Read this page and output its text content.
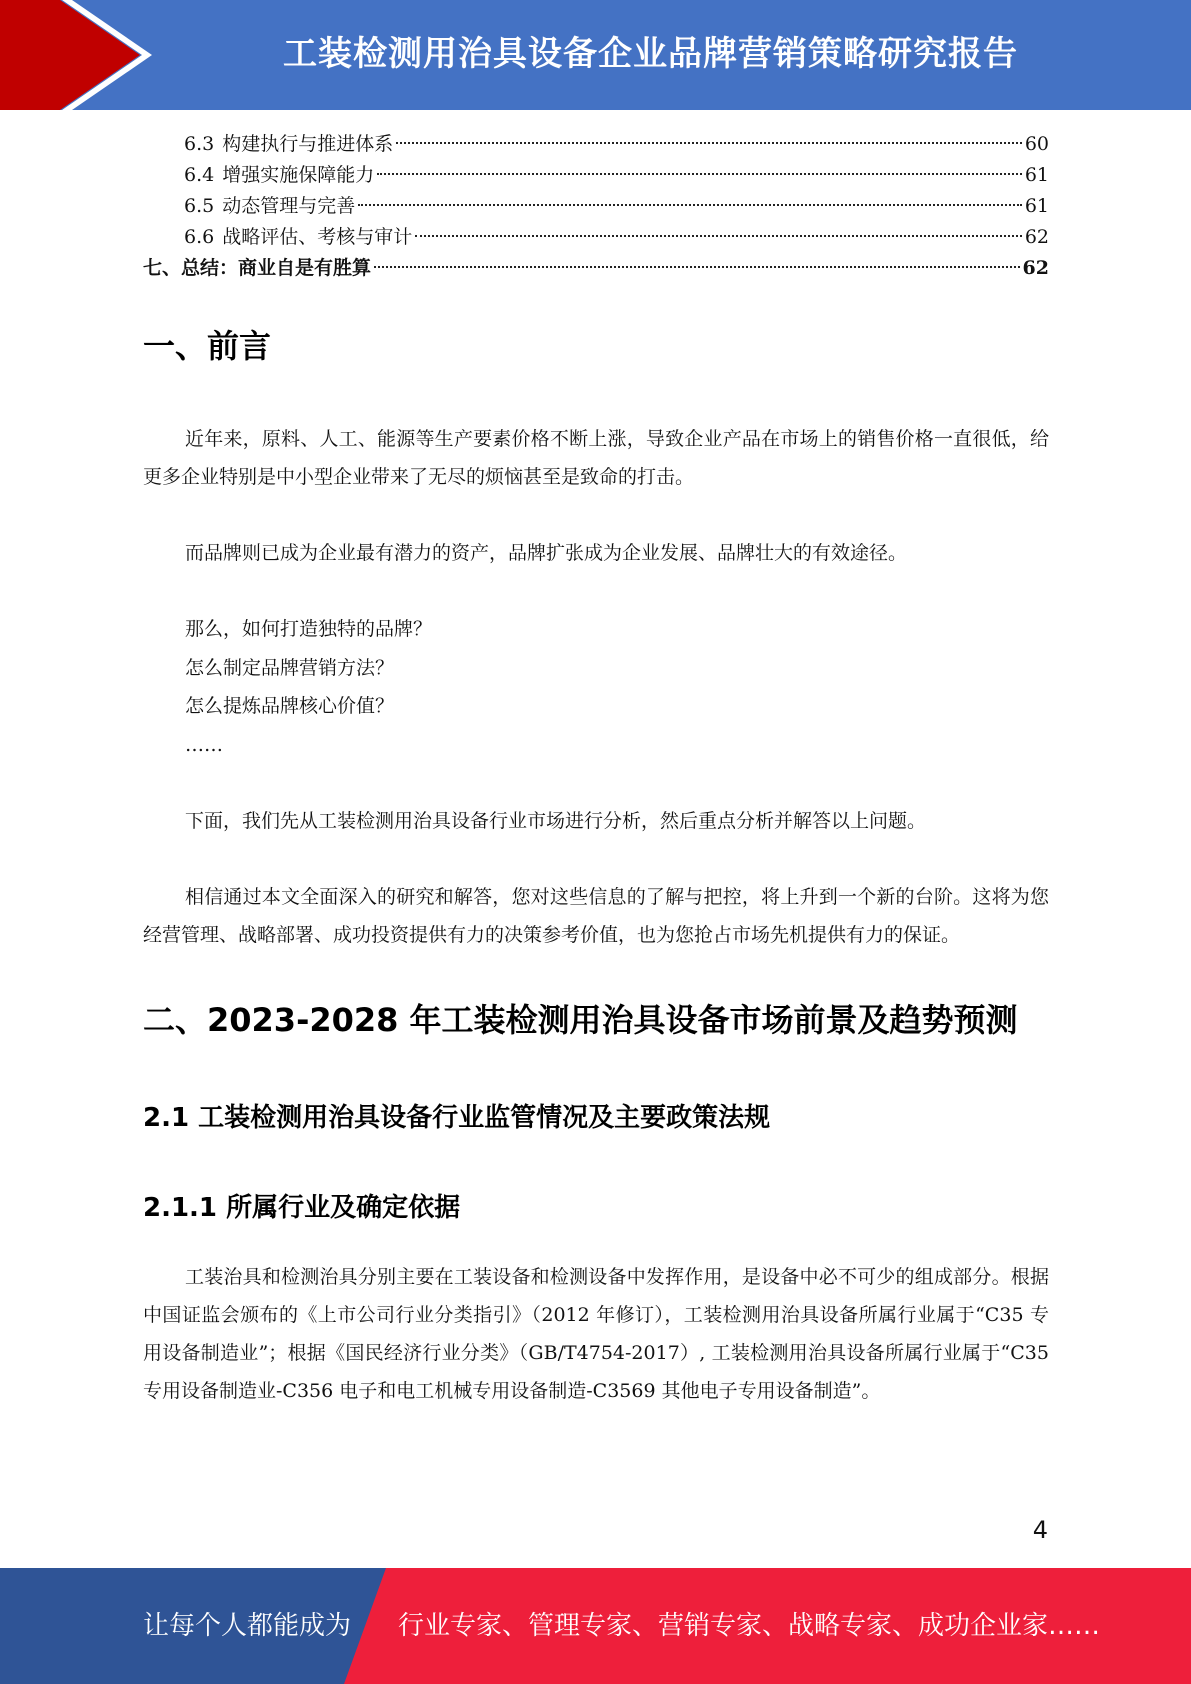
工装检测用治具设备企业品牌营销策略研究报告
6.3 构建执行与推进体系	60
6.4 增强实施保障能力	61
6.5 动态管理与完善	61
6.6 战略评估、考核与审计	62
七、总结：商业自是有胜算	62
一、前言

近年来，原料、人工、能源等生产要素价格不断上涨，导致企业产品在市场上的销售价格一直很低，给更多企业特别是中小型企业带来了无尽的烦恼甚至是致命的打击。

而品牌则已成为企业最有潜力的资产，品牌扩张成为企业发展、品牌壮大的有效途径。

那么，如何打造独特的品牌？
怎么制定品牌营销方法？
怎么提炼品牌核心价值？
……

下面，我们先从工装检测用治具设备行业市场进行分析，然后重点分析并解答以上问题。

相信通过本文全面深入的研究和解答，您对这些信息的了解与把控，将上升到一个新的台阶。这将为您经营管理、战略部署、成功投资提供有力的决策参考价值，也为您抢占市场先机提供有力的保证。

二、2023-2028 年工装检测用治具设备市场前景及趋势预测
2.1 工装检测用治具设备行业监管情况及主要政策法规
2.1.1 所属行业及确定依据

工装治具和检测治具分别主要在工装设备和检测设备中发挥作用，是设备中必不可少的组成部分。根据中国证监会颁布的《上市公司行业分类指引》（2012 年修订），工装检测用治具设备所属行业属于“C35 专用设备制造业”；根据《国民经济行业分类》（GB/T4754-2017）, 工装检测用治具设备所属行业属于“C35 专用设备制造业-C356 电子和电工机械专用设备制造-C3569 其他电子专用设备制造”。

4
让每个人都能成为 行业专家、管理专家、营销专家、战略专家、成功企业家……
